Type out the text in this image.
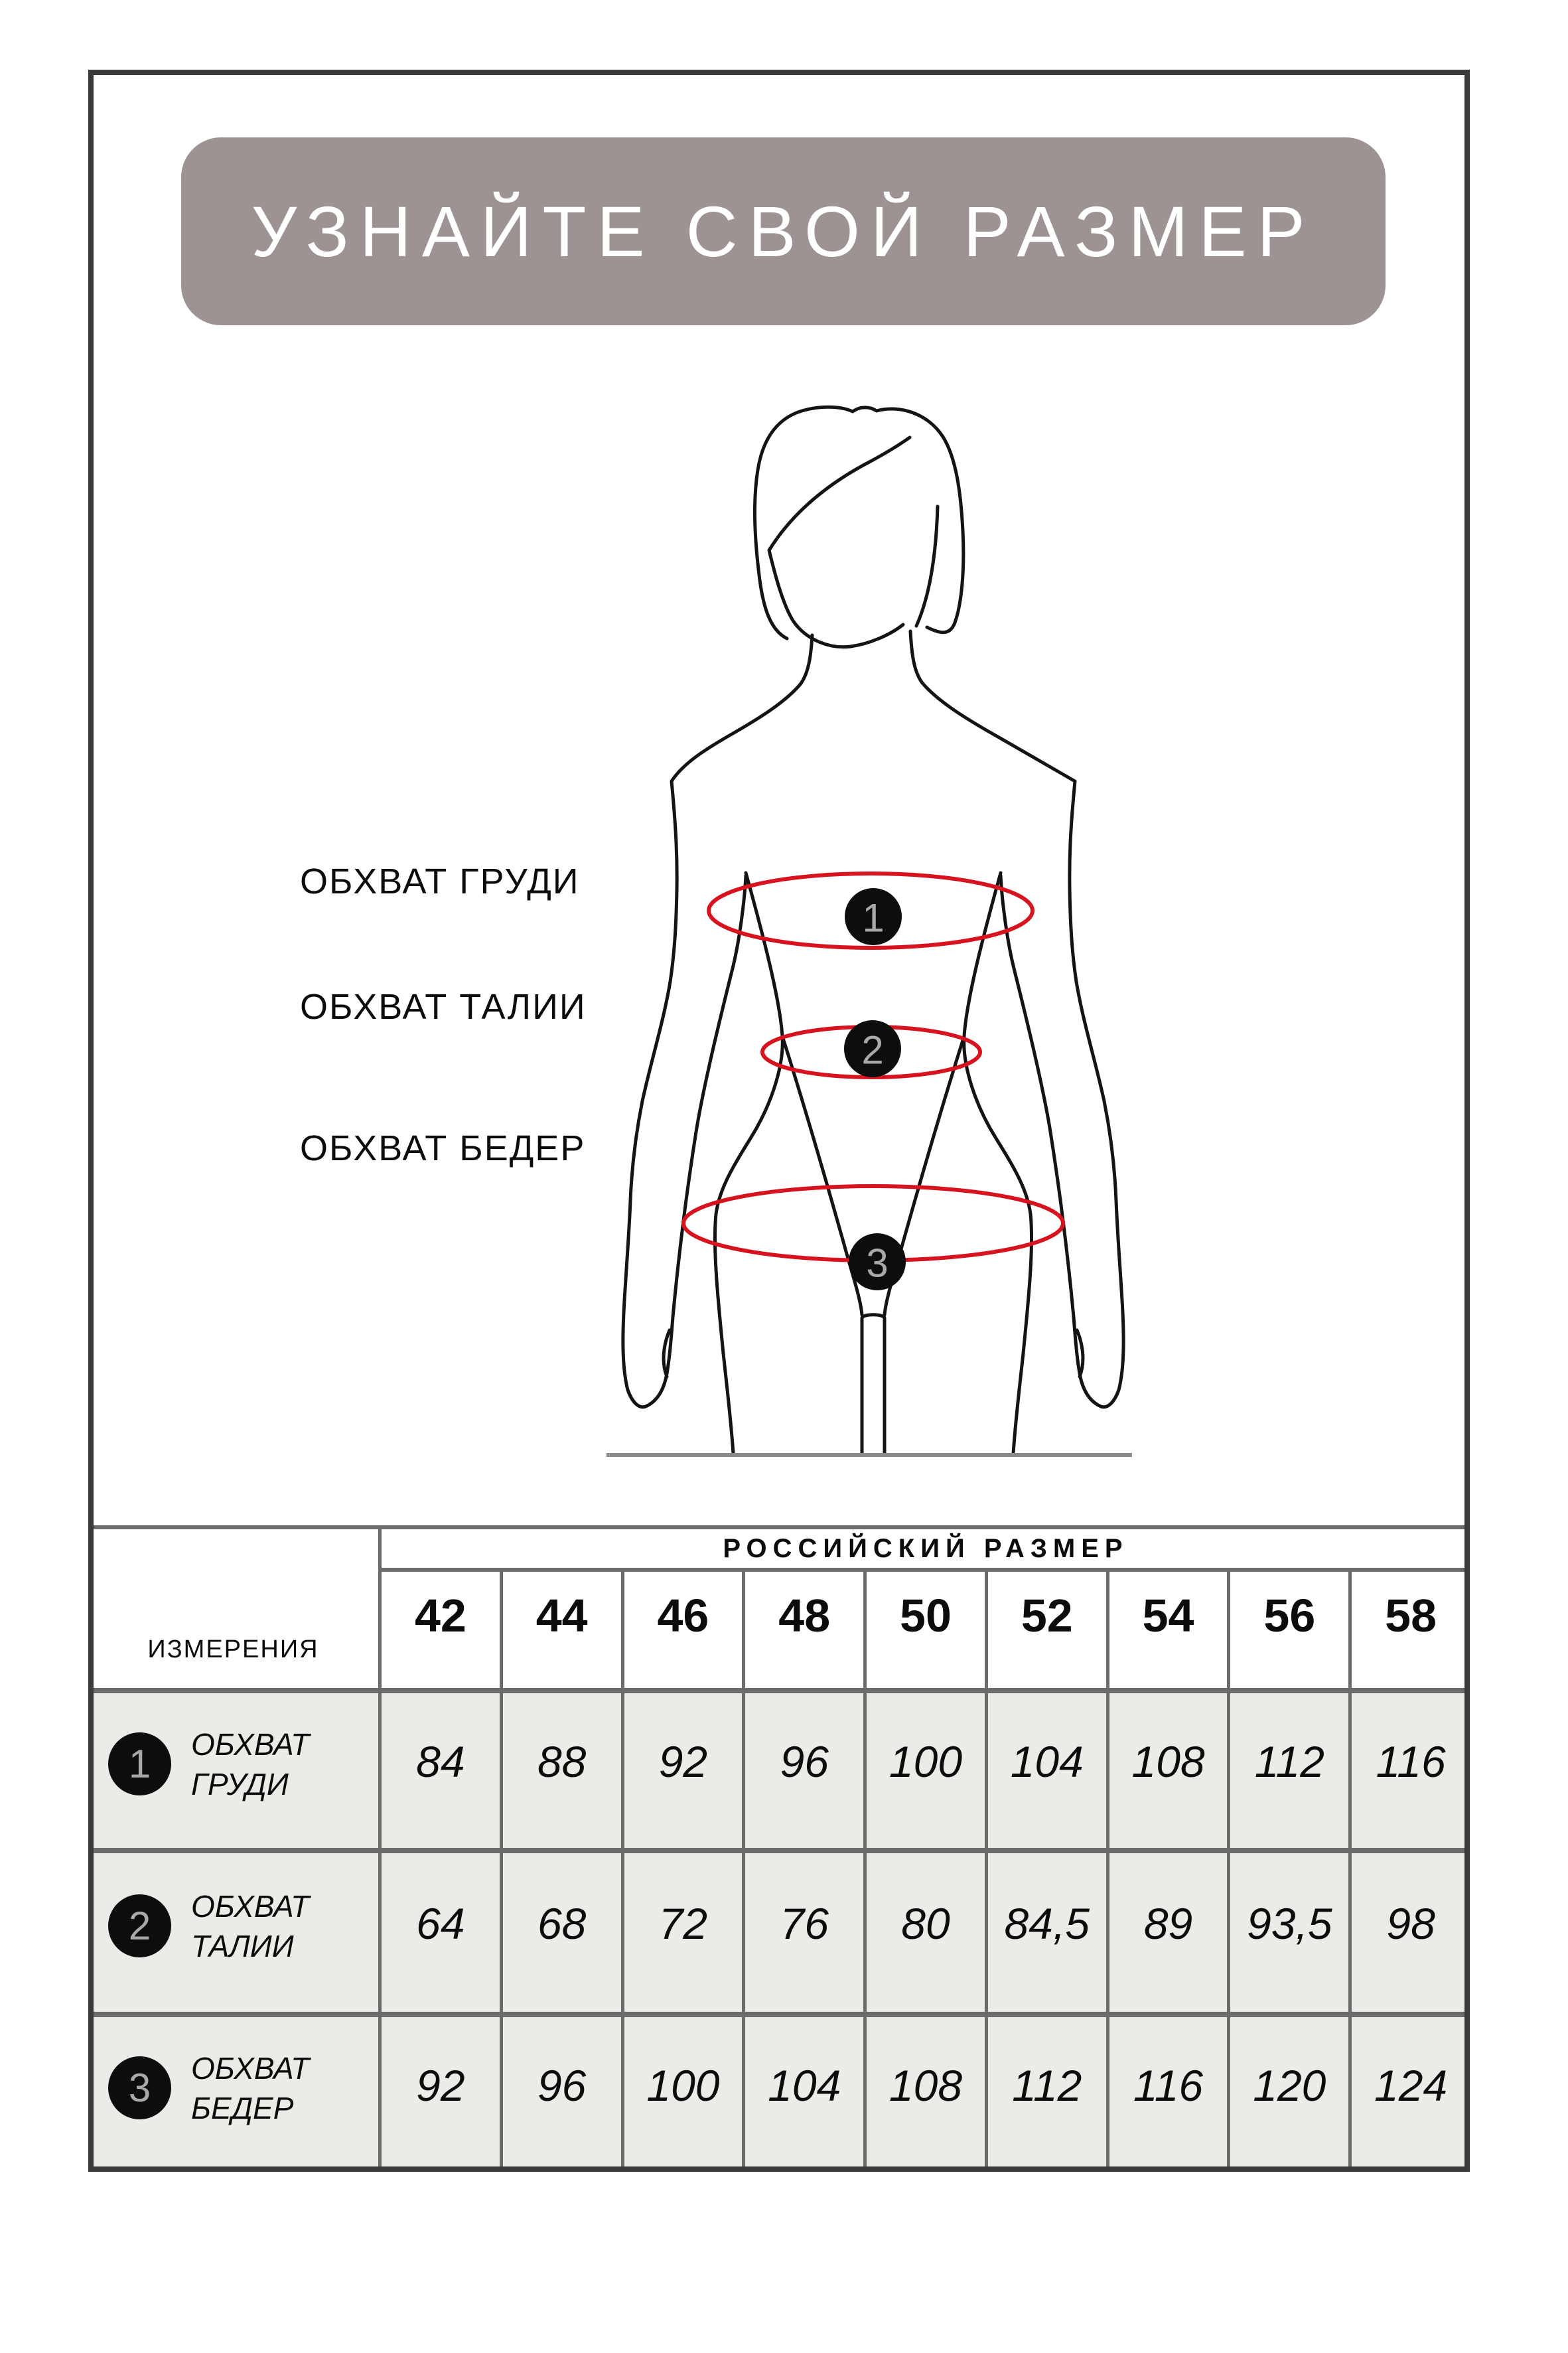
УЗНАЙТЕ СВОЙ РАЗМЕР
1
2
3
ОБХВАТ ГРУДИ
ОБХВАТ ТАЛИИ
ОБХВАТ БЕДЕР
ИЗМЕРЕНИЯ
РОССИЙСКИЙ РАЗМЕР
42 44 46 48 50 52 54 56 58
1 ОБХВАТ ГРУДИ	84 88 92 96 100 104 108 112 116
2 ОБХВАТ ТАЛИИ	64 68 72 76 80 84,5 89 93,5 98
3 ОБХВАТ БЕДЕР	92 96 100 104 108 112 116 120 124
